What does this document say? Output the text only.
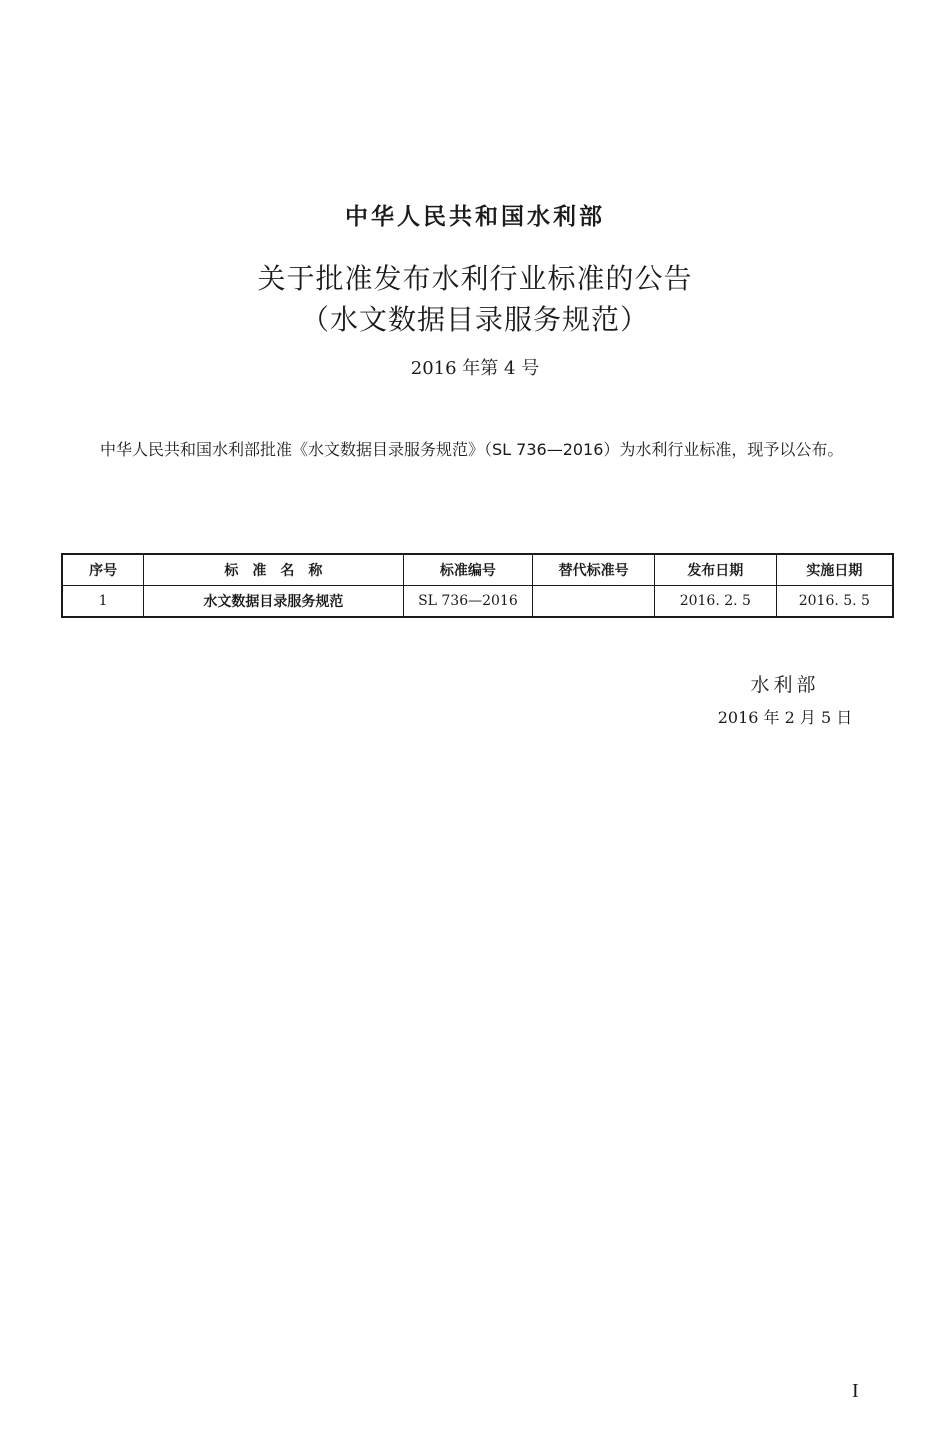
中华人民共和国水利部
关于批准发布水利行业标准的公告
（水文数据目录服务规范）
2016 年第 4 号
中华人民共和国水利部批准《水文数据目录服务规范》（SL 736—2016）为水利行业标准，现予以公布。
序号	标　准　名　称	标准编号	替代标准号	发布日期	实施日期
1	水文数据目录服务规范	SL 736—2016		2016. 2. 5	2016. 5. 5
水利部
2016 年 2 月 5 日
I
